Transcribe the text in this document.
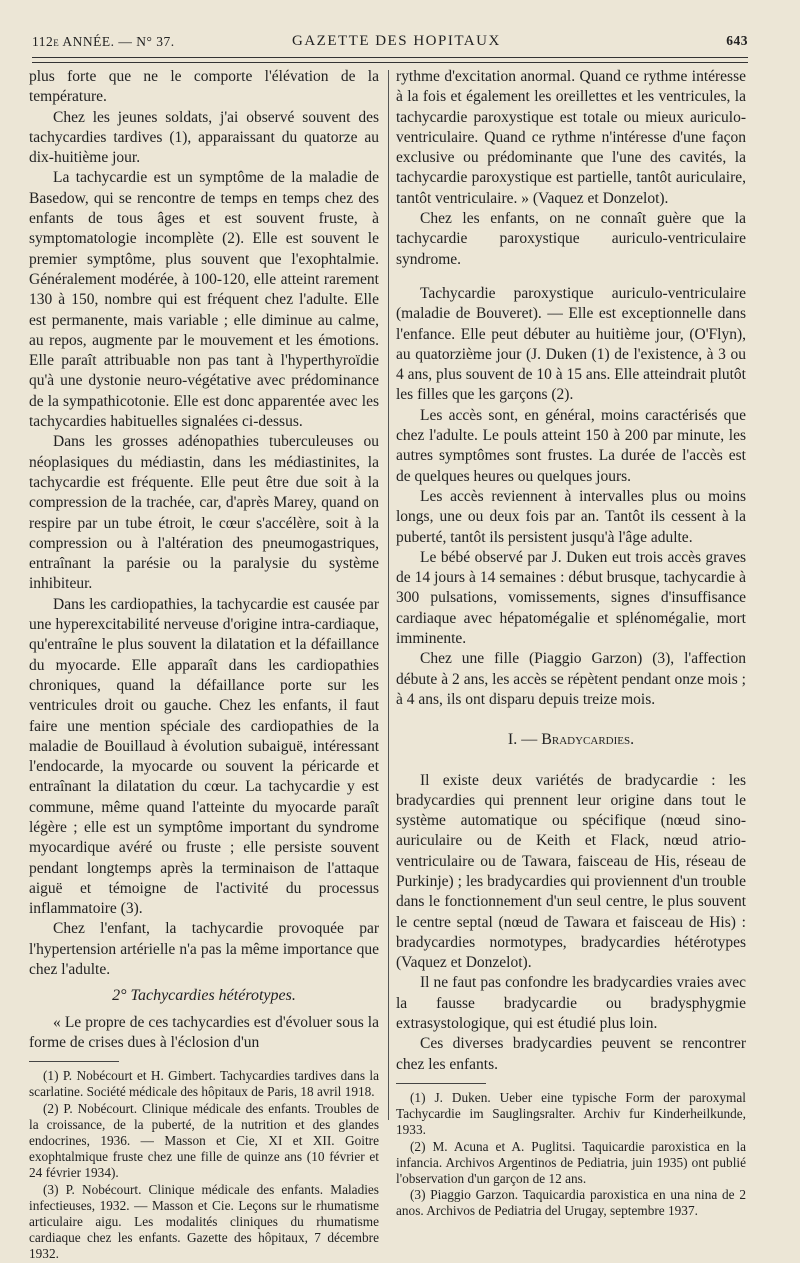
112e ANNÉE. — N° 37.	GAZETTE DES HOPITAUX	643

plus forte que ne le comporte l'élévation de la température.

Chez les jeunes soldats, j'ai observé souvent des tachycardies tardives (1), apparaissant du quatorze au dix-huitième jour.

La tachycardie est un symptôme de la maladie de Basedow, qui se rencontre de temps en temps chez des enfants de tous âges et est souvent fruste, à symptomatologie incomplète (2). Elle est souvent le premier symptôme, plus souvent que l'exophtalmie. Généralement modérée, à 100-120, elle atteint rarement 130 à 150, nombre qui est fréquent chez l'adulte. Elle est permanente, mais variable ; elle diminue au calme, au repos, augmente par le mouvement et les émotions. Elle paraît attribuable non pas tant à l'hyperthyroïdie qu'à une dystonie neuro-végétative avec prédominance de la sympathicotonie. Elle est donc apparentée avec les tachycardies habituelles signalées ci-dessus.

Dans les grosses adénopathies tuberculeuses ou néoplasiques du médiastin, dans les médiastinites, la tachycardie est fréquente. Elle peut être due soit à la compression de la trachée, car, d'après Marey, quand on respire par un tube étroit, le cœur s'accélère, soit à la compression ou à l'altération des pneumogastriques, entraînant la parésie ou la paralysie du système inhibiteur.

Dans les cardiopathies, la tachycardie est causée par une hyperexcitabilité nerveuse d'origine intra-cardiaque, qu'entraîne le plus souvent la dilatation et la défaillance du myocarde. Elle apparaît dans les cardiopathies chroniques, quand la défaillance porte sur les ventricules droit ou gauche. Chez les enfants, il faut faire une mention spéciale des cardiopathies de la maladie de Bouillaud à évolution subaiguë, intéressant l'endocarde, la myocarde ou souvent la péricarde et entraînant la dilatation du cœur. La tachycardie y est commune, même quand l'atteinte du myocarde paraît légère ; elle est un symptôme important du syndrome myocardique avéré ou fruste ; elle persiste souvent pendant longtemps après la terminaison de l'attaque aiguë et témoigne de l'activité du processus inflammatoire (3).

Chez l'enfant, la tachycardie provoquée par l'hypertension artérielle n'a pas la même importance que chez l'adulte.

2° Tachycardies hétérotypes.

« Le propre de ces tachycardies est d'évoluer sous la forme de crises dues à l'éclosion d'un

(1) P. Nobécourt et H. Gimbert. Tachycardies tardives dans la scarlatine. Société médicale des hôpitaux de Paris, 18 avril 1918.

(2) P. Nobécourt. Clinique médicale des enfants. Troubles de la croissance, de la puberté, de la nutrition et des glandes endocrines, 1936. — Masson et Cie, XI et XII. Goitre exophtalmique fruste chez une fille de quinze ans (10 février et 24 février 1934).

(3) P. Nobécourt. Clinique médicale des enfants. Maladies infectieuses, 1932. — Masson et Cie. Leçons sur le rhumatisme articulaire aigu. Les modalités cliniques du rhumatisme cardiaque chez les enfants. Gazette des hôpitaux, 7 décembre 1932.

rythme d'excitation anormal. Quand ce rythme intéresse à la fois et également les oreillettes et les ventricules, la tachycardie paroxystique est totale ou mieux auriculo-ventriculaire. Quand ce rythme n'intéresse d'une façon exclusive ou prédominante que l'une des cavités, la tachycardie paroxystique est partielle, tantôt auriculaire, tantôt ventriculaire. » (Vaquez et Donzelot).

Chez les enfants, on ne connaît guère que la tachycardie paroxystique auriculo-ventriculaire syndrome.

Tachycardie paroxystique auriculo-ventriculaire (maladie de Bouveret). — Elle est exceptionnelle dans l'enfance. Elle peut débuter au huitième jour, (O'Flyn), au quatorzième jour (J. Duken (1) de l'existence, à 3 ou 4 ans, plus souvent de 10 à 15 ans. Elle atteindrait plutôt les filles que les garçons (2).

Les accès sont, en général, moins caractérisés que chez l'adulte. Le pouls atteint 150 à 200 par minute, les autres symptômes sont frustes. La durée de l'accès est de quelques heures ou quelques jours.

Les accès reviennent à intervalles plus ou moins longs, une ou deux fois par an. Tantôt ils cessent à la puberté, tantôt ils persistent jusqu'à l'âge adulte.

Le bébé observé par J. Duken eut trois accès graves de 14 jours à 14 semaines : début brusque, tachycardie à 300 pulsations, vomissements, signes d'insuffisance cardiaque avec hépatomégalie et splénomégalie, mort imminente.

Chez une fille (Piaggio Garzon) (3), l'affection débute à 2 ans, les accès se répètent pendant onze mois ; à 4 ans, ils ont disparu depuis treize mois.

I. — Bradycardies.

Il existe deux variétés de bradycardie : les bradycardies qui prennent leur origine dans tout le système automatique ou spécifique (nœud sino-auriculaire ou de Keith et Flack, nœud atrio-ventriculaire ou de Tawara, faisceau de His, réseau de Purkinje) ; les bradycardies qui proviennent d'un trouble dans le fonctionnement d'un seul centre, le plus souvent le centre septal (nœud de Tawara et faisceau de His) : bradycardies normotypes, bradycardies hétérotypes (Vaquez et Donzelot).

Il ne faut pas confondre les bradycardies vraies avec la fausse bradycardie ou bradysphygmie extrasystologique, qui est étudié plus loin.

Ces diverses bradycardies peuvent se rencontrer chez les enfants.

(1) J. Duken. Ueber eine typische Form der paroxymal Tachycardie im Sauglingsralter. Archiv fur Kinderheilkunde, 1933.

(2) M. Acuna et A. Puglitsi. Taquicardie paroxistica en la infancia. Archivos Argentinos de Pediatria, juin 1935) ont publié l'observation d'un garçon de 12 ans.

(3) Piaggio Garzon. Taquicardia paroxistica en una nina de 2 anos. Archivos de Pediatria del Urugay, septembre 1937.
